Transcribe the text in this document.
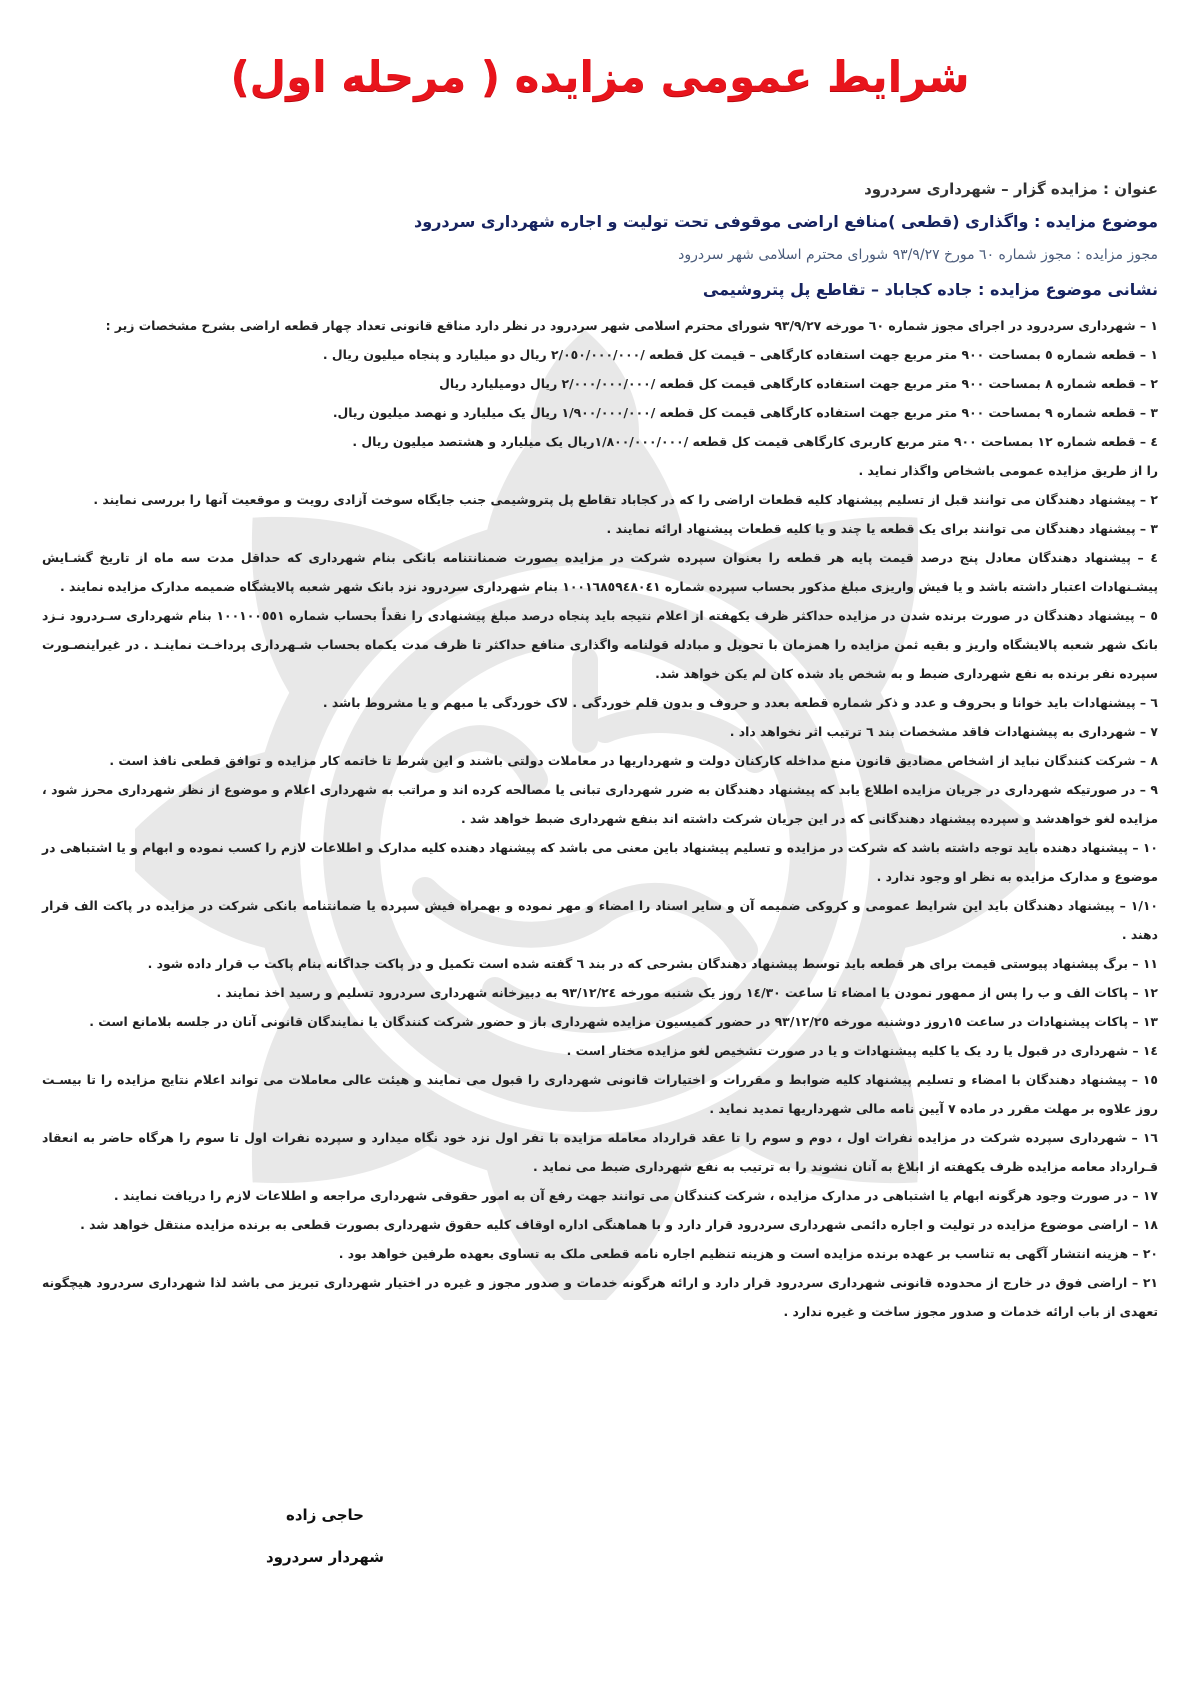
شرایط عمومی مزایده ( مرحله اول)
عنوان : مزایده گزار – شهرداری سردرود
موضوع مزایده : واگذاری (قطعی )منافع اراضی موقوفی تحت تولیت و اجاره شهرداری سردرود
مجوز مزایده : مجوز شماره ٦٠ مورخ ٩٣/٩/٢٧ شورای محترم اسلامی شهر سردرود
نشانی موضوع مزایده : جاده کجاباد – تقاطع پل پتروشیمی
١ – شهرداری سردرود در اجرای مجوز شماره ٦٠ مورخه ٩٣/٩/٢٧ شورای محترم اسلامی شهر سردرود در نظر دارد مناقع قانونی تعداد چهار قطعه اراضی بشرح مشخصات زیر :
١ – قطعه شماره ٥ بمساحت ٩٠٠ متر مربع جهت استفاده کارگاهی – قیمت کل قطعه /٢/٠٥٠/٠٠٠/٠٠٠ ریال دو میلیارد و پنجاه میلیون ریال .
٢ – قطعه شماره ٨ بمساحت ٩٠٠ متر مربع جهت استفاده کارگاهی قیمت کل قطعه /٢/٠٠٠/٠٠٠/٠٠٠ ریال دومیلیارد ریال
٣ – قطعه شماره ٩ بمساحت ٩٠٠ متر مربع جهت استفاده کارگاهی قیمت کل قطعه /١/٩٠٠/٠٠٠/٠٠٠ ریال یک میلیارد و نهصد میلیون ریال.
٤ – قطعه شماره ١٢ بمساحت ٩٠٠ متر مربع کاربری کارگاهی قیمت کل قطعه /١/٨٠٠/٠٠٠/٠٠٠ریال یک میلیارد و هشتصد میلیون ریال .
را از طریق مزایده عمومی باشخاص واگذار نماید .
٢ – پیشنهاد دهندگان می توانند قبل از تسلیم پیشنهاد کلیه قطعات اراضی را که در کجاباد تقاطع پل پتروشیمی جنب جایگاه سوخت آزادی رویت و موقعیت آنها را بررسی نمایند .
٣ – پیشنهاد دهندگان می توانند برای یک قطعه یا چند و یا کلیه قطعات پیشنهاد ارائه نمایند .
٤ – پیشنهاد دهندگان معادل پنج درصد قیمت پایه هر قطعه را بعنوان سپرده شرکت در مزایده بصورت ضمنانتنامه بانکی بنام شهرداری که حداقل مدت سه ماه از تاریخ گشـایش پیشـنهادات اعتبار داشته باشد و یا فیش واریزی مبلغ مذکور بحساب سپرده شماره ١٠٠١٦٨٥٩٤٨٠٤١ بنام شهرداری سردرود نزد بانک شهر شعبه پالایشگاه ضمیمه مدارک مزایده نمایند .
٥ – پیشنهاد دهندگان در صورت برنده شدن در مزایده حداکثر ظرف یکهفته از اعلام نتیجه باید پنجاه درصد مبلغ پیشنهادی را نقداً بحساب شماره ١٠٠١٠٠٥٥١ بنام شهرداری سـردرود نـزد بانک شهر شعبه پالایشگاه واریز و بقیه ثمن مزایده را همزمان با تحویل و مبادله قولنامه واگذاری منافع حداکثر تا ظرف مدت یکماه بحساب شـهرداری پرداخـت نماینـد . در غیراینصـورت سپرده نفر برنده به نفع شهرداری ضبط و به شخص یاد شده کان لم یکن خواهد شد.
٦ – پیشنهادات باید خوانا و بحروف و عدد و ذکر شماره قطعه بعدد و حروف و بدون قلم خوردگی . لاک خوردگی یا مبهم و یا مشروط باشد .
٧ – شهرداری به پیشنهادات فاقد مشخصات بند ٦ ترتیب اثر نخواهد داد .
٨ – شرکت کنندگان نباید از اشخاص مصادیق قانون منع مداخله کارکنان دولت و شهرداریها در معاملات دولتی باشند و این شرط تا خاتمه کار مزایده و توافق قطعی نافذ است .
٩ – در صورتیکه شهرداری در جریان مزایده اطلاع یابد که پیشنهاد دهندگان به ضرر شهرداری تبانی یا مصالحه کرده اند و مراتب به شهرداری اعلام و موضوع از نظر شهرداری محرز شود ، مزایده لغو خواهدشد و سپرده پیشنهاد دهندگانی که در این جریان شرکت داشته اند بنفع شهرداری ضبط خواهد شد .
١٠ – پیشنهاد دهنده باید توجه داشته باشد که شرکت در مزایده و تسلیم پیشنهاد باین معنی می باشد که پیشنهاد دهنده کلیه مدارک و اطلاعات لازم را کسب نموده و ابهام و یا اشتباهی در موضوع و مدارک مزایده به نظر او وجود ندارد .
١/١٠ – پیشنهاد دهندگان باید این شرایط عمومی و کروکی ضمیمه آن و سایر اسناد را امضاء و مهر نموده و بهمراه فیش سپرده یا ضمانتنامه بانکی شرکت در مزایده در پاکت الف قرار دهند .
١١ – برگ پیشنهاد پیوستی قیمت برای هر قطعه باید توسط پیشنهاد دهندگان بشرحی که در بند ٦ گفته شده است تکمیل و در پاکت جداگانه بنام پاکت ب قرار داده شود .
١٢ – پاکات الف و ب را پس از ممهور نمودن یا امضاء تا ساعت ١٤/٣٠ روز یک شنبه مورخه ٩٣/١٢/٢٤ به دبیرخانه شهرداری سردرود تسلیم و رسید اخذ نمایند .
١٣ – پاکات پیشنهادات در ساعت ١٥روز دوشنبه مورخه ٩٣/١٢/٢٥ در حضور کمیسیون مزایده شهرداری باز و حضور شرکت کنندگان یا نمایندگان قانونی آنان در جلسه بلامانع است .
١٤ – شهرداری در قبول یا رد یک یا کلیه پیشنهادات و یا در صورت تشخیص لغو مزایده مختار است .
١٥ – پیشنهاد دهندگان با امضاء و تسلیم پیشنهاد کلیه ضوابط و مقررات و اختیارات قانونی شهرداری را قبول می نمایند و هیئت عالی معاملات می تواند اعلام نتایج مزایده را تا بیسـت روز علاوه بر مهلت مقرر در ماده ٧ آیین نامه مالی شهرداریها تمدید نماید .
١٦ – شهرداری سپرده شرکت در مزایده نفرات اول ، دوم و سوم را تا عقد قرارداد معامله مزایده با نفر اول نزد خود نگاه میدارد و سپرده نفرات اول تا سوم را هرگاه حاضر به انعقاد قـرارداد معامه مزایده ظرف یکهفته از ابلاغ به آنان نشوند را به ترتیب به نفع شهرداری ضبط می نماید .
١٧ – در صورت وجود هرگونه ابهام یا اشتباهی در مدارک مزایده ، شرکت کنندگان می توانند جهت رفع آن به امور حقوقی شهرداری مراجعه و اطلاعات لازم را دریافت نمایند .
١٨ – اراضی موضوع مزایده در تولیت و اجاره دائمی شهرداری سردرود قرار دارد و با هماهنگی اداره اوقاف کلیه حقوق شهرداری بصورت قطعی به برنده مزایده منتقل خواهد شد .
٢٠ – هزینه انتشار آگهی به تناسب بر عهده برنده مزایده است و هزینه تنظیم اجاره نامه قطعی ملک به تساوی بعهده طرفین خواهد بود .
٢١ – اراضی فوق در خارج از محدوده قانونی شهرداری سردرود قرار دارد و ارائه هرگونه خدمات و صدور مجوز و غیره در اختیار شهرداری تبریز می باشد لذا شهرداری سردرود هیچگونه تعهدی از باب ارائه خدمات و صدور مجوز ساخت و غیره ندارد .
حاجی زاده
شهردار سردرود
